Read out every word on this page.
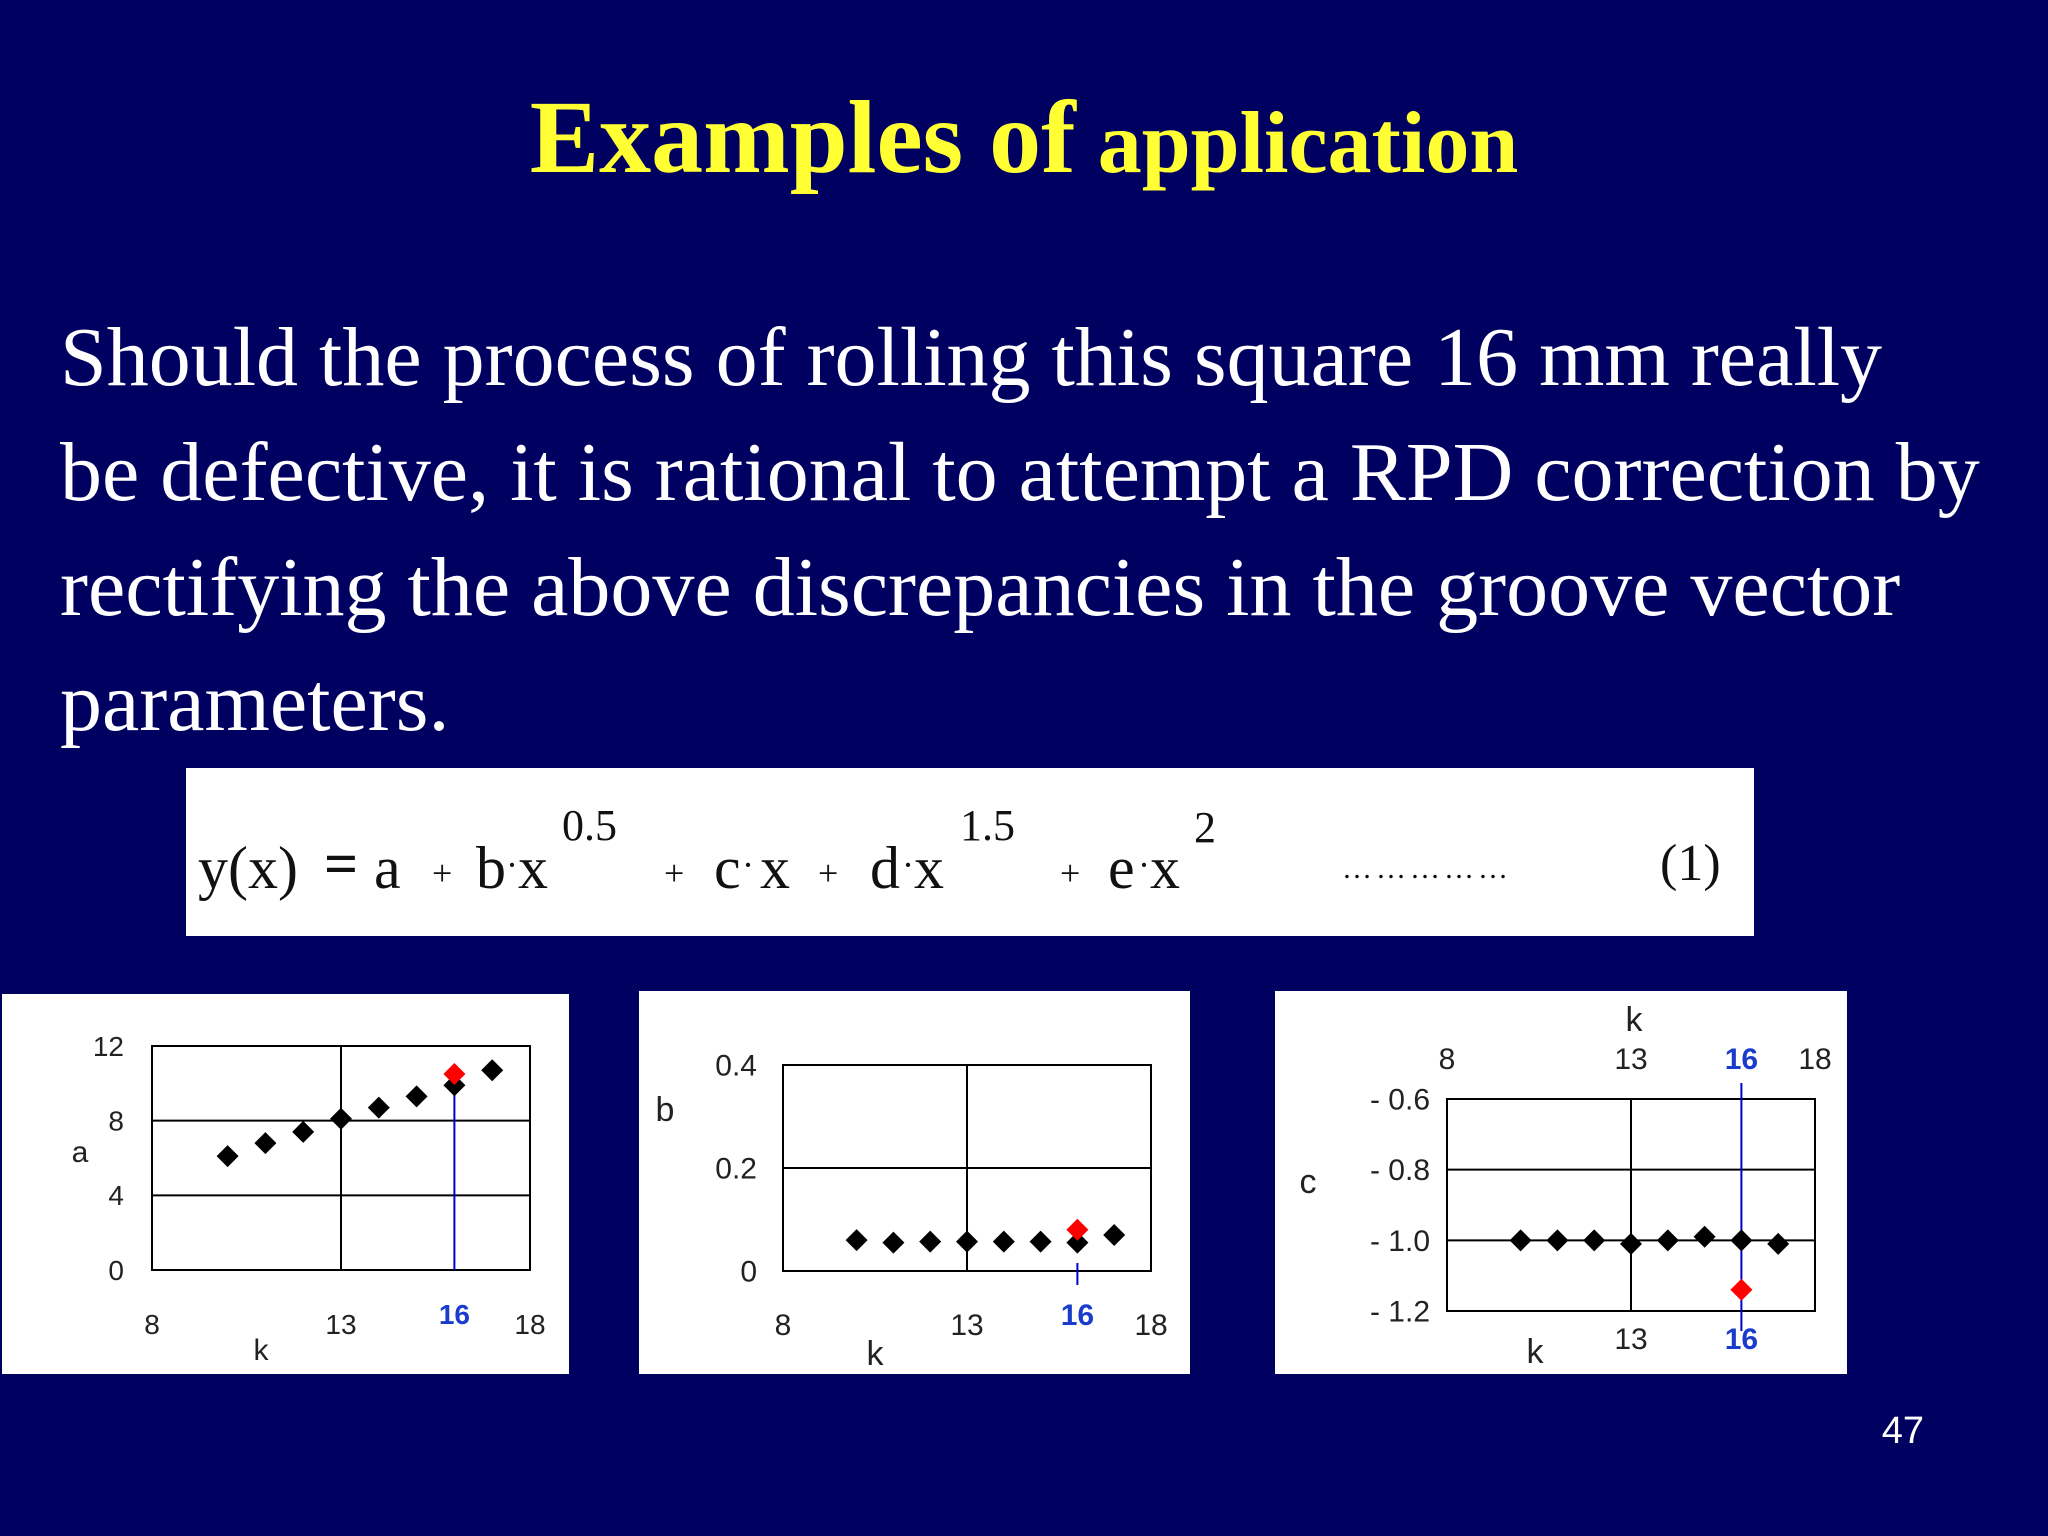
Examples of application
Should the process of rolling this square 16 mm really
be defective, it is rational to attempt a RPD correction by
rectifying the above discrepancies in the groove vector
parameters.
y(x) = a + b · x
0.5
+ c · x + d · x
1.5
+ e · x
2
……………	(1)
0
4
8
12
8	13	16 18
k
a
0
0.2
0.4
8	13	16 18
k
b	- 0.6
- 0.8
- 1.0
- 1.2
8	13	16 18
13	16
k
k
c
47
